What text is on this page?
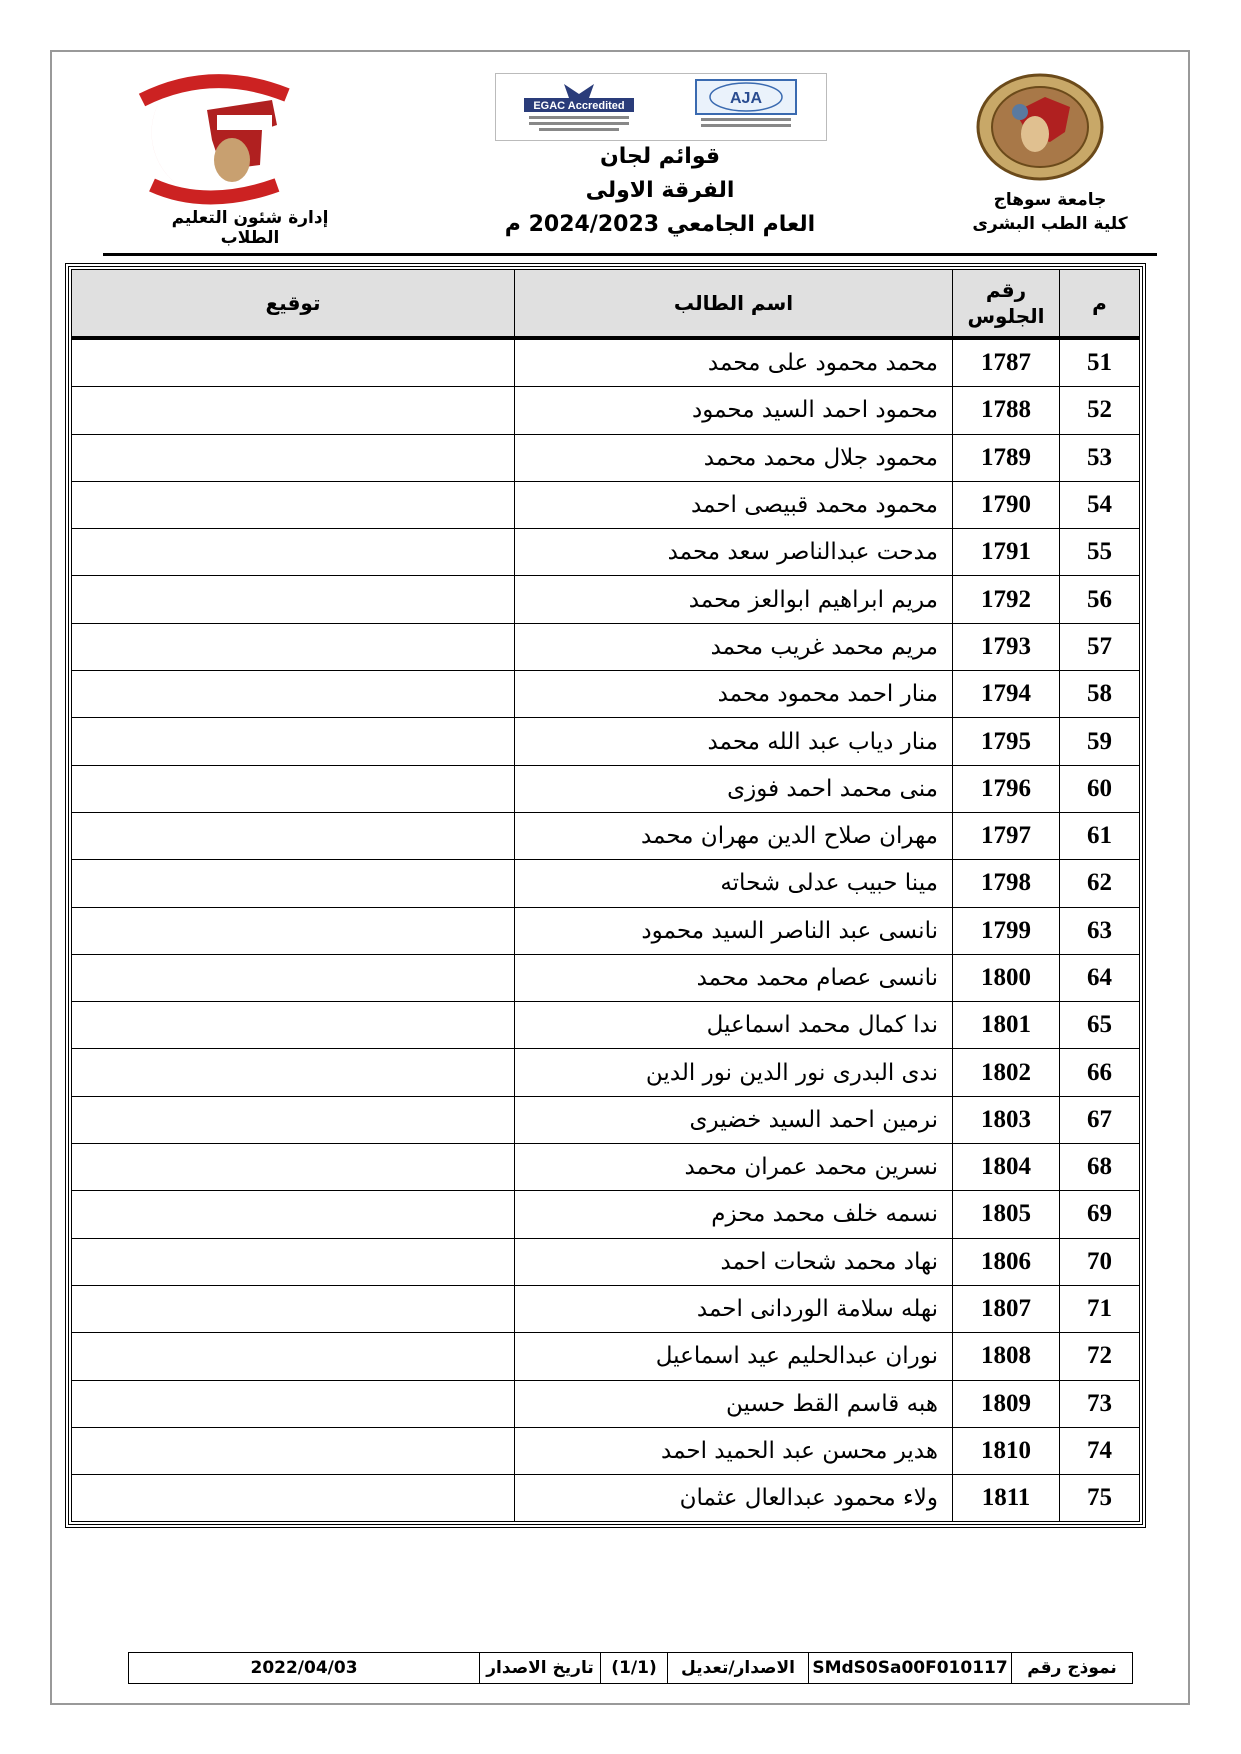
EGAC Accredited	AJA
إدارة شئون التعليم الطلاب
جامعة سوهاج
كلية الطب البشرى
قوائم لجان
الفرقة الاولى
العام الجامعي 2024/2023 م
م	رقم الجلوس	اسم الطالب	توقيع
51	1787	محمد محمود على محمد	
52	1788	محمود احمد السيد محمود	
53	1789	محمود جلال محمد محمد	
54	1790	محمود محمد قبيصى احمد	
55	1791	مدحت عبدالناصر سعد محمد	
56	1792	مريم ابراهيم ابوالعز محمد	
57	1793	مريم محمد غريب محمد	
58	1794	منار احمد محمود محمد	
59	1795	منار دياب عبد الله محمد	
60	1796	منى محمد احمد فوزى	
61	1797	مهران صلاح الدين مهران محمد	
62	1798	مينا حبيب عدلى شحاته	
63	1799	نانسى عبد الناصر السيد محمود	
64	1800	نانسى عصام محمد محمد	
65	1801	ندا كمال محمد اسماعيل	
66	1802	ندى البدرى نور الدين نور الدين	
67	1803	نرمين احمد السيد خضيرى	
68	1804	نسرين محمد عمران محمد	
69	1805	نسمه خلف محمد محزم	
70	1806	نهاد محمد شحات احمد	
71	1807	نهله سلامة الوردانى احمد	
72	1808	نوران عبدالحليم عيد اسماعيل	
73	1809	هبه قاسم القط حسين	
74	1810	هدير محسن عبد الحميد احمد	
75	1811	ولاء محمود عبدالعال عثمان	
نموذج رقم
SMdS0Sa00F010117
الاصدار/تعديل
(1/1)
تاريخ الاصدار
2022/04/03
